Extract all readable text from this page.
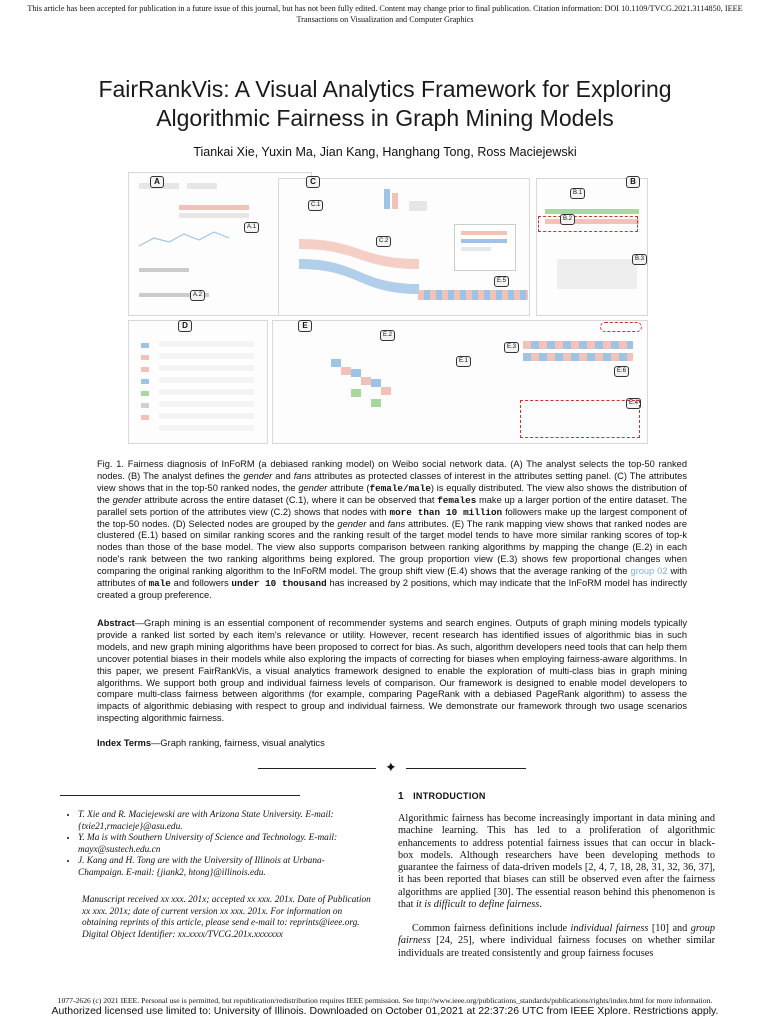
This article has been accepted for publication in a future issue of this journal, but has not been fully edited. Content may change prior to final publication. Citation information: DOI 10.1109/TVCG.2021.3114850, IEEE
Transactions on Visualization and Computer Graphics
FairRankVis: A Visual Analytics Framework for Exploring
Algorithmic Fairness in Graph Mining Models
Tiankai Xie, Yuxin Ma, Jian Kang, Hanghang Tong, Ross Maciejewski
A
A.1
A.2
C
C.1
C.2
E.5
B
B.1
B.2
B.3
D	E
E.2
E.1
E.3
E.6
E.4
Fig. 1. Fairness diagnosis of InFoRM (a debiased ranking model) on Weibo social network data. (A) The analyst selects the top-50 ranked nodes. (B) The analyst defines the gender and fans attributes as protected classes of interest in the attributes setting panel. (C) The attributes view shows that in the top-50 ranked nodes, the gender attribute (female/male) is equally distributed. The view also shows the distribution of the gender attribute across the entire dataset (C.1), where it can be observed that females make up a larger portion of the entire dataset. The parallel sets portion of the attributes view (C.2) shows that nodes with more than 10 million followers make up the largest component of the top-50 nodes. (D) Selected nodes are grouped by the gender and fans attributes. (E) The rank mapping view shows that ranked nodes are clustered (E.1) based on similar ranking scores and the ranking result of the target model tends to have more similar ranking scores of top-k nodes than those of the base model. The view also supports comparison between ranking algorithms by mapping the change (E.2) in each node's rank between the two ranking algorithms being explored. The group proportion view (E.3) shows few proportional changes when comparing the original ranking algorithm to the InFoRM model. The group shift view (E.4) shows that the average ranking of the group 02 with attributes of male and followers under 10 thousand has increased by 2 positions, which may indicate that the InFoRM model has indirectly created a group preference.
Abstract—Graph mining is an essential component of recommender systems and search engines. Outputs of graph mining models typically provide a ranked list sorted by each item's relevance or utility. However, recent research has identified issues of algorithmic bias in such models, and new graph mining algorithms have been proposed to correct for bias. As such, algorithm developers need tools that can help them uncover potential biases in their models while also exploring the impacts of correcting for biases when employing fairness-aware algorithms. In this paper, we present FairRankVis, a visual analytics framework designed to enable the exploration of multi-class bias in graph mining algorithms. We support both group and individual fairness levels of comparison. Our framework is designed to enable model developers to compare multi-class fairness between algorithms (for example, comparing PageRank with a debiased PageRank algorithm) to assess the impacts of algorithmic debiasing with respect to group and individual fairness. We demonstrate our framework through two usage scenarios inspecting algorithmic fairness.
Index Terms—Graph ranking, fairness, visual analytics
✦
• T. Xie and R. Maciejewski are with Arizona State University. E-mail: {txie21,rmacieje}@asu.edu.
• Y. Ma is with Southern University of Science and Technology. E-mail: mayx@sustech.edu.cn
• J. Kang and H. Tong are with the University of Illinois at Urbana-Champaign. E-mail: {jiank2, htong}@illinois.edu.
Manuscript received xx xxx. 201x; accepted xx xxx. 201x. Date of Publication xx xxx. 201x; date of current version xx xxx. 201x. For information on obtaining reprints of this article, please send e-mail to: reprints@ieee.org. Digital Object Identifier: xx.xxxx/TVCG.201x.xxxxxxx
1 INTRODUCTION
Algorithmic fairness has become increasingly important in data mining and machine learning. This has led to a proliferation of algorithmic enhancements to address potential fairness issues that can occur in black-box models. Although researchers have been developing methods to guarantee the fairness of data-driven models [2, 4, 7, 18, 28, 31, 32, 36, 37], it has been reported that biases can still be observed even after the fairness algorithms are applied [30]. The essential reason behind this phenomenon is that it is difficult to define fairness.
Common fairness definitions include individual fairness [10] and group fairness [24, 25], where individual fairness focuses on whether similar individuals are treated consistently and group fairness focuses
1077-2626 (c) 2021 IEEE. Personal use is permitted, but republication/redistribution requires IEEE permission. See http://www.ieee.org/publications_standards/publications/rights/index.html for more information.
Authorized licensed use limited to: University of Illinois. Downloaded on October 01,2021 at 22:37:26 UTC from IEEE Xplore. Restrictions apply.
